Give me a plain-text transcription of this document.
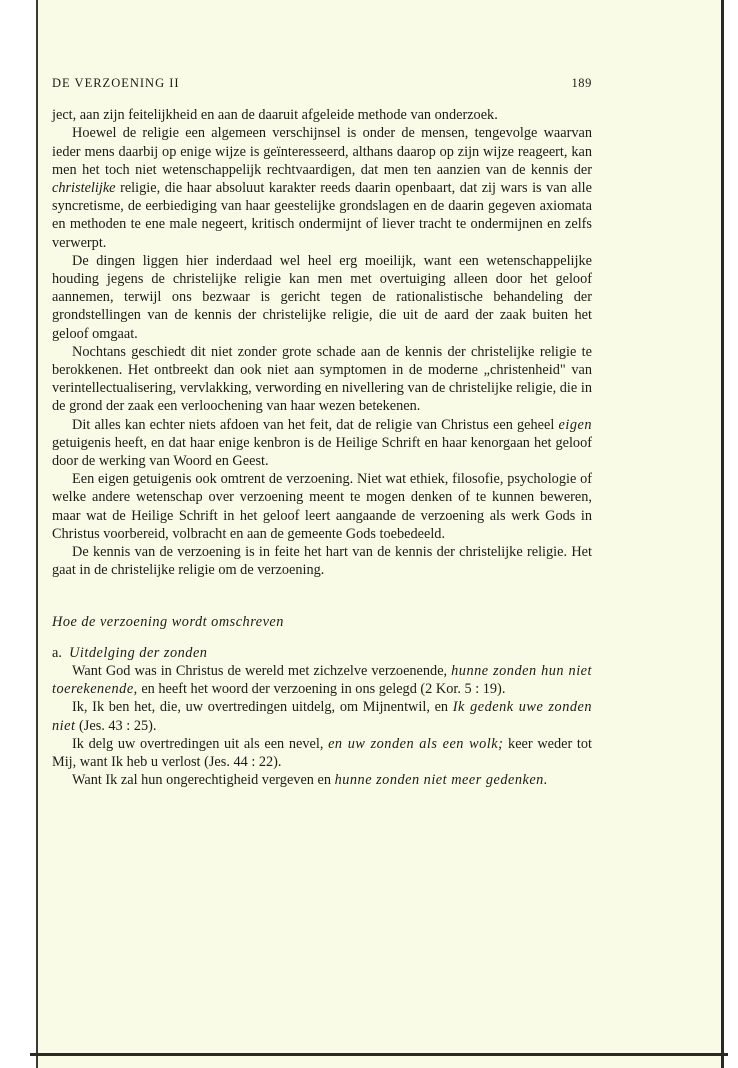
DE VERZOENING II	189

ject, aan zijn feitelijkheid en aan de daaruit afgeleide methode van onderzoek.

Hoewel de religie een algemeen verschijnsel is onder de mensen, tengevolge waarvan ieder mens daarbij op enige wijze is geïnteresseerd, althans daarop op zijn wijze reageert, kan men het toch niet wetenschappelijk rechtvaardigen, dat men ten aanzien van de kennis der christelijke religie, die haar absoluut karakter reeds daarin openbaart, dat zij wars is van alle syncretisme, de eerbiediging van haar geestelijke grondslagen en de daarin gegeven axiomata en methoden te ene male negeert, kritisch ondermijnt of liever tracht te ondermijnen en zelfs verwerpt.

De dingen liggen hier inderdaad wel heel erg moeilijk, want een wetenschappelijke houding jegens de christelijke religie kan men met overtuiging alleen door het geloof aannemen, terwijl ons bezwaar is gericht tegen de rationalistische behandeling der grondstellingen van de kennis der christelijke religie, die uit de aard der zaak buiten het geloof omgaat.

Nochtans geschiedt dit niet zonder grote schade aan de kennis der christelijke religie te berokkenen. Het ontbreekt dan ook niet aan symptomen in de moderne „christenheid" van verintellectualisering, vervlakking, verwording en nivellering van de christelijke religie, die in de grond der zaak een verloochening van haar wezen betekenen.

Dit alles kan echter niets afdoen van het feit, dat de religie van Christus een geheel eigen getuigenis heeft, en dat haar enige kenbron is de Heilige Schrift en haar kenorgaan het geloof door de werking van Woord en Geest.

Een eigen getuigenis ook omtrent de verzoening. Niet wat ethiek, filosofie, psychologie of welke andere wetenschap over verzoening meent te mogen denken of te kunnen beweren, maar wat de Heilige Schrift in het geloof leert aangaande de verzoening als werk Gods in Christus voorbereid, volbracht en aan de gemeente Gods toebedeeld.

De kennis van de verzoening is in feite het hart van de kennis der christelijke religie. Het gaat in de christelijke religie om de verzoening.

Hoe de verzoening wordt omschreven

a. Uitdelging der zonden

Want God was in Christus de wereld met zichzelve verzoenende, hunne zonden hun niet toerekenende, en heeft het woord der verzoening in ons gelegd (2 Kor. 5 : 19).

Ik, Ik ben het, die, uw overtredingen uitdelg, om Mijnentwil, en Ik gedenk uwe zonden niet (Jes. 43 : 25).

Ik delg uw overtredingen uit als een nevel, en uw zonden als een wolk; keer weder tot Mij, want Ik heb u verlost (Jes. 44 : 22).

Want Ik zal hun ongerechtigheid vergeven en hunne zonden niet meer gedenken.
